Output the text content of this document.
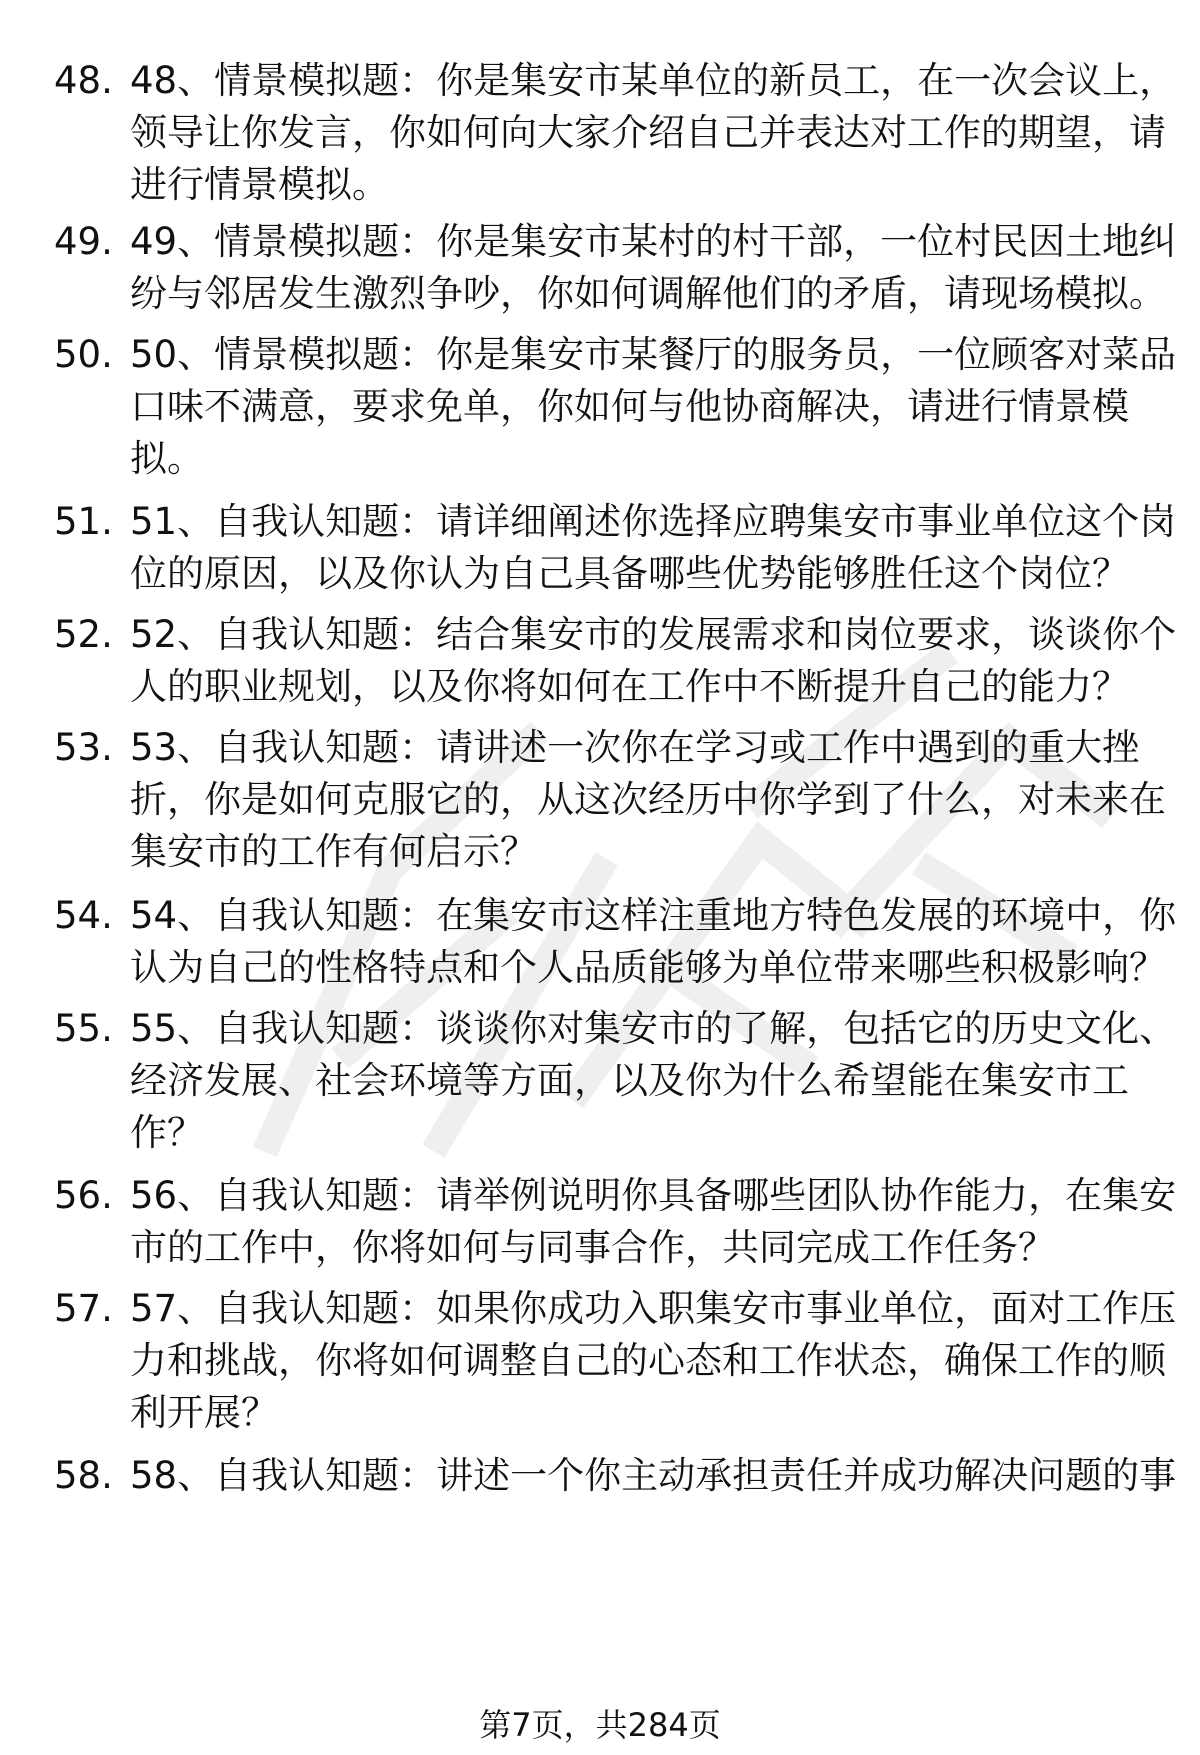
48. 48、情景模拟题：你是集安市某单位的新员工，在一次会议上，
领导让你发言，你如何向大家介绍自己并表达对工作的期望，请
进行情景模拟。
49. 49、情景模拟题：你是集安市某村的村干部，一位村民因土地纠
纷与邻居发生激烈争吵，你如何调解他们的矛盾，请现场模拟。
50. 50、情景模拟题：你是集安市某餐厅的服务员，一位顾客对菜品
口味不满意，要求免单，你如何与他协商解决，请进行情景模
拟。
51. 51、自我认知题：请详细阐述你选择应聘集安市事业单位这个岗
位的原因，以及你认为自己具备哪些优势能够胜任这个岗位？
52. 52、自我认知题：结合集安市的发展需求和岗位要求，谈谈你个
人的职业规划，以及你将如何在工作中不断提升自己的能力？
53. 53、自我认知题：请讲述一次你在学习或工作中遇到的重大挫
折，你是如何克服它的，从这次经历中你学到了什么，对未来在
集安市的工作有何启示？
54. 54、自我认知题：在集安市这样注重地方特色发展的环境中，你
认为自己的性格特点和个人品质能够为单位带来哪些积极影响？
55. 55、自我认知题：谈谈你对集安市的了解，包括它的历史文化、
经济发展、社会环境等方面，以及你为什么希望能在集安市工
作？
56. 56、自我认知题：请举例说明你具备哪些团队协作能力，在集安
市的工作中，你将如何与同事合作，共同完成工作任务？
57. 57、自我认知题：如果你成功入职集安市事业单位，面对工作压
力和挑战，你将如何调整自己的心态和工作状态，确保工作的顺
利开展？
58. 58、自我认知题：讲述一个你主动承担责任并成功解决问题的事
第7页，共284页
